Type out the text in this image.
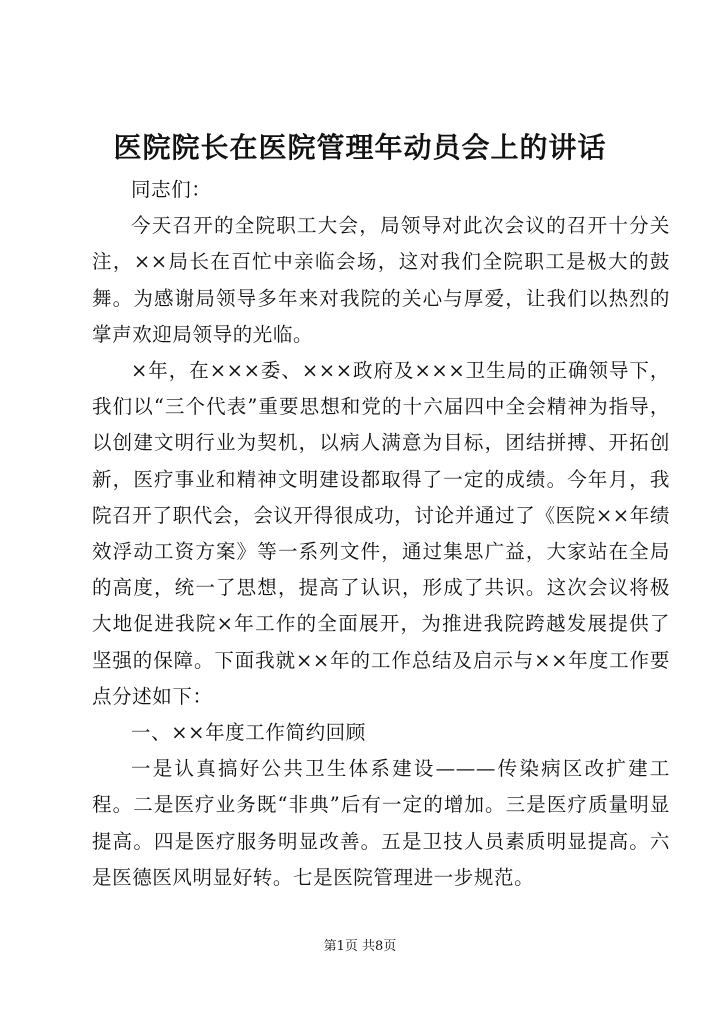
医院院长在医院管理年动员会上的讲话

同志们：

今天召开的全院职工大会，局领导对此次会议的召开十分关注，××局长在百忙中亲临会场，这对我们全院职工是极大的鼓舞。为感谢局领导多年来对我院的关心与厚爱，让我们以热烈的掌声欢迎局领导的光临。

×年，在×××委、×××政府及×××卫生局的正确领导下，我们以“三个代表”重要思想和党的十六届四中全会精神为指导，以创建文明行业为契机，以病人满意为目标，团结拼搏、开拓创新，医疗事业和精神文明建设都取得了一定的成绩。今年月，我院召开了职代会，会议开得很成功，讨论并通过了《医院××年绩效浮动工资方案》等一系列文件，通过集思广益，大家站在全局的高度，统一了思想，提高了认识，形成了共识。这次会议将极大地促进我院×年工作的全面展开，为推进我院跨越发展提供了坚强的保障。下面我就××年的工作总结及启示与××年度工作要点分述如下：

一、××年度工作简约回顾

一是认真搞好公共卫生体系建设———传染病区改扩建工程。二是医疗业务既“非典”后有一定的增加。三是医疗质量明显提高。四是医疗服务明显改善。五是卫技人员素质明显提高。六是医德医风明显好转。七是医院管理进一步规范。

第1页 共8页
